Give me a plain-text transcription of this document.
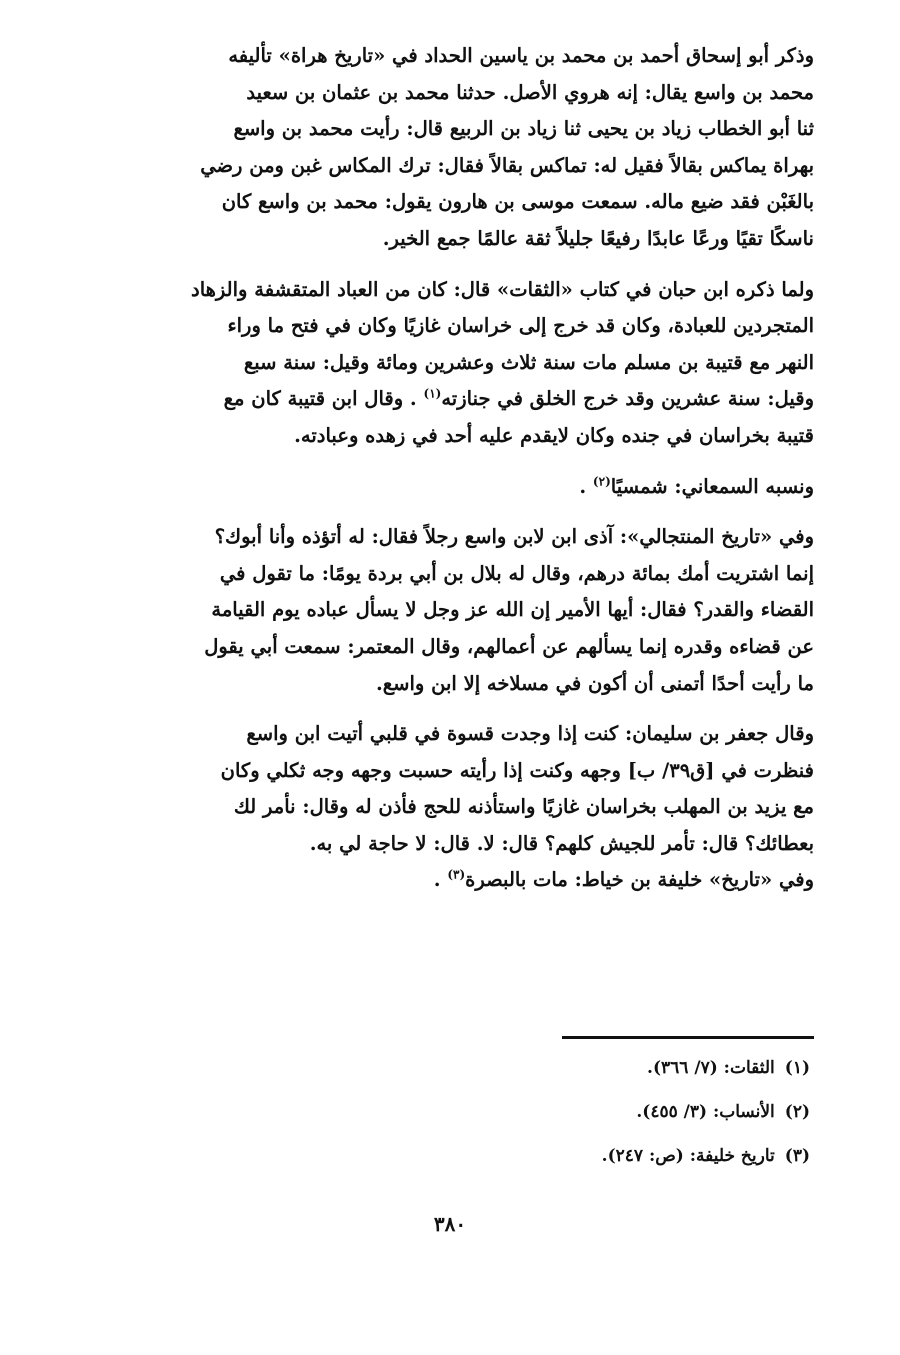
وذكر أبو إسحاق أحمد بن محمد بن ياسين الحداد في «تاريخ هراة» تأليفه
محمد بن واسع يقال: إنه هروي الأصل. حدثنا محمد بن عثمان بن سعيد
ثنا أبو الخطاب زياد بن يحيى ثنا زياد بن الربيع قال: رأيت محمد بن واسع
بهراة يماكس بقالاً فقيل له: تماكس بقالاً فقال: ترك المكاس غبن ومن رضي
بالغَبْن فقد ضيع ماله. سمعت موسى بن هارون يقول: محمد بن واسع كان
ناسكًا تقيًا ورعًا عابدًا رفيعًا جليلاً ثقة عالمًا جمع الخير.

ولما ذكره ابن حبان في كتاب «الثقات» قال: كان من العباد المتقشفة والزهاد
المتجردين للعبادة، وكان قد خرج إلى خراسان غازيًا وكان في فتح ما وراء
النهر مع قتيبة بن مسلم مات سنة ثلاث وعشرين ومائة وقيل: سنة سبع
وقيل: سنة عشرين وقد خرج الخلق في جنازته$^{(١)}$ . وقال ابن قتيبة كان مع
قتيبة بخراسان في جنده وكان لايقدم عليه أحد في زهده وعبادته.

ونسبه السمعاني: شمسيًا$^{(٢)}$ .

وفي «تاريخ المنتجالي»: آذى ابن لابن واسع رجلاً فقال: له أتؤذه وأنا أبوك؟
إنما اشتريت أمك بمائة درهم، وقال له بلال بن أبي بردة يومًا: ما تقول في
القضاء والقدر؟ فقال: أيها الأمير إن الله عز وجل لا يسأل عباده يوم القيامة
عن قضاءه وقدره إنما يسألهم عن أعمالهم، وقال المعتمر: سمعت أبي يقول
ما رأيت أحدًا أتمنى أن أكون في مسلاخه إلا ابن واسع.

وقال جعفر بن سليمان: كنت إذا وجدت قسوة في قلبي أتيت ابن واسع
فنظرت في [ق٣٩/ ب] وجهه وكنت إذا رأيته حسبت وجهه وجه ثكلي وكان
مع يزيد بن المهلب بخراسان غازيًا واستأذنه للحج فأذن له وقال: نأمر لك
بعطائك؟ قال: تأمر للجيش كلهم؟ قال: لا. قال: لا حاجة لي به.
وفي «تاريخ» خليفة بن خياط: مات بالبصرة$^{(٣)}$ .

(١)الثقات: (٧/ ٣٦٦).
(٢)الأنساب: (٣/ ٤٥٥).
(٣)تاريخ خليفة: (ص: ٢٤٧).
٣٨٠
